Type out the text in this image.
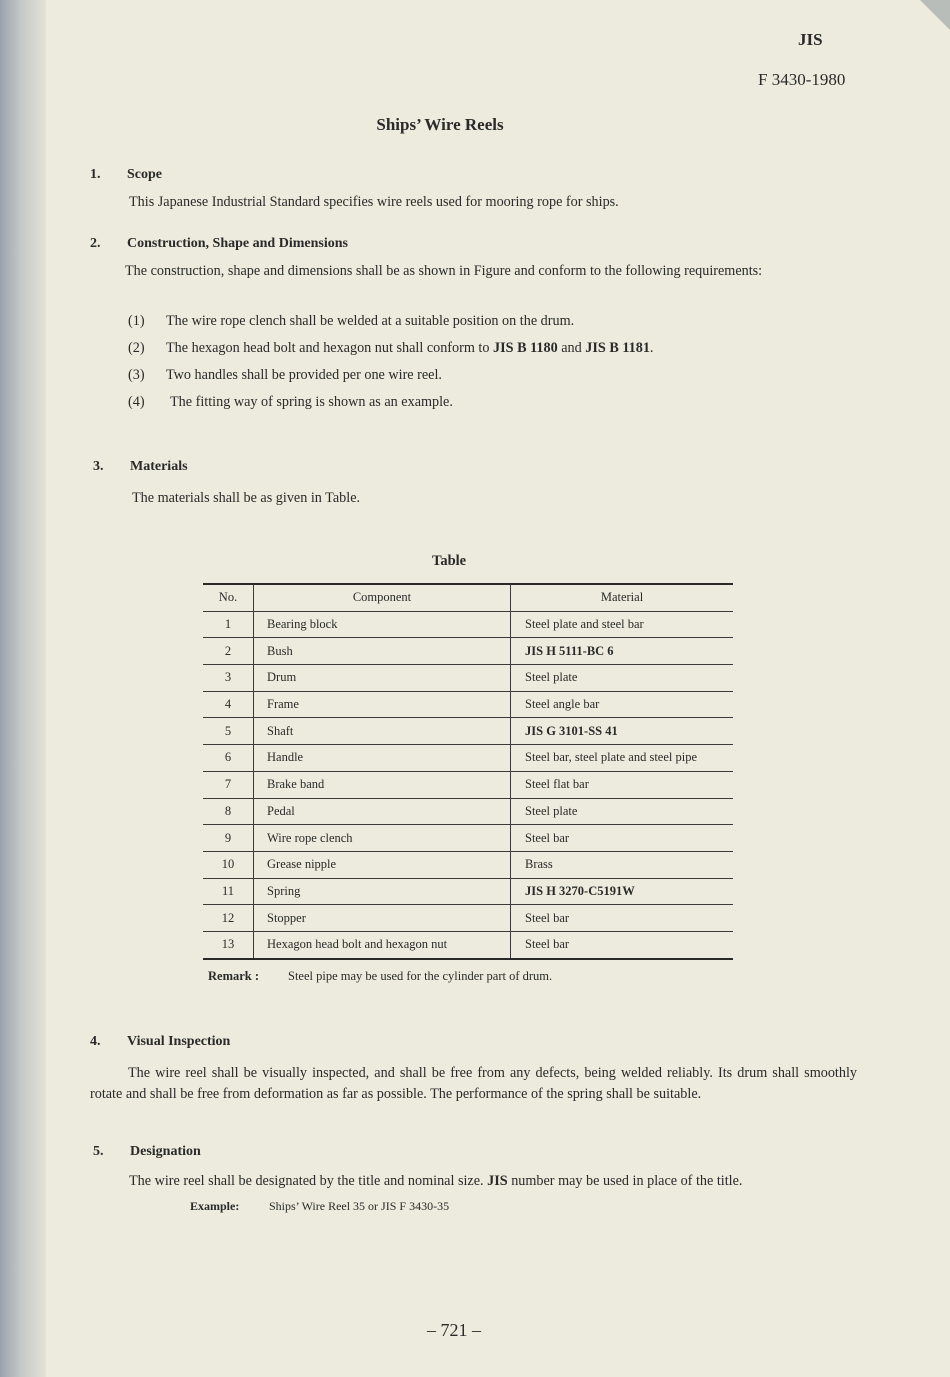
JIS
F 3430-1980
Ships’ Wire Reels
1. Scope
This Japanese Industrial Standard specifies wire reels used for mooring rope for ships.
2. Construction, Shape and Dimensions
The construction, shape and dimensions shall be as shown in Figure and conform to the following requirements:
(1) The wire rope clench shall be welded at a suitable position on the drum.
(2) The hexagon head bolt and hexagon nut shall conform to JIS B 1180 and JIS B 1181.
(3) Two handles shall be provided per one wire reel.
(4) The fitting way of spring is shown as an example.
3. Materials
The materials shall be as given in Table.
Table
No.	Component	Material
1	Bearing block	Steel plate and steel bar
2	Bush	JIS H 5111-BC 6
3	Drum	Steel plate
4	Frame	Steel angle bar
5	Shaft	JIS G 3101-SS 41
6	Handle	Steel bar, steel plate and steel pipe
7	Brake band	Steel flat bar
8	Pedal	Steel plate
9	Wire rope clench	Steel bar
10	Grease nipple	Brass
11	Spring	JIS H 3270-C5191W
12	Stopper	Steel bar
13	Hexagon head bolt and hexagon nut	Steel bar
Remark : Steel pipe may be used for the cylinder part of drum.
4. Visual Inspection
The wire reel shall be visually inspected, and shall be free from any defects, being welded reliably. Its drum shall smoothly rotate and shall be free from deformation as far as possible. The performance of the spring shall be suitable.
5. Designation
The wire reel shall be designated by the title and nominal size. JIS number may be used in place of the title.
Example: Ships’ Wire Reel 35 or JIS F 3430-35
– 721 –
